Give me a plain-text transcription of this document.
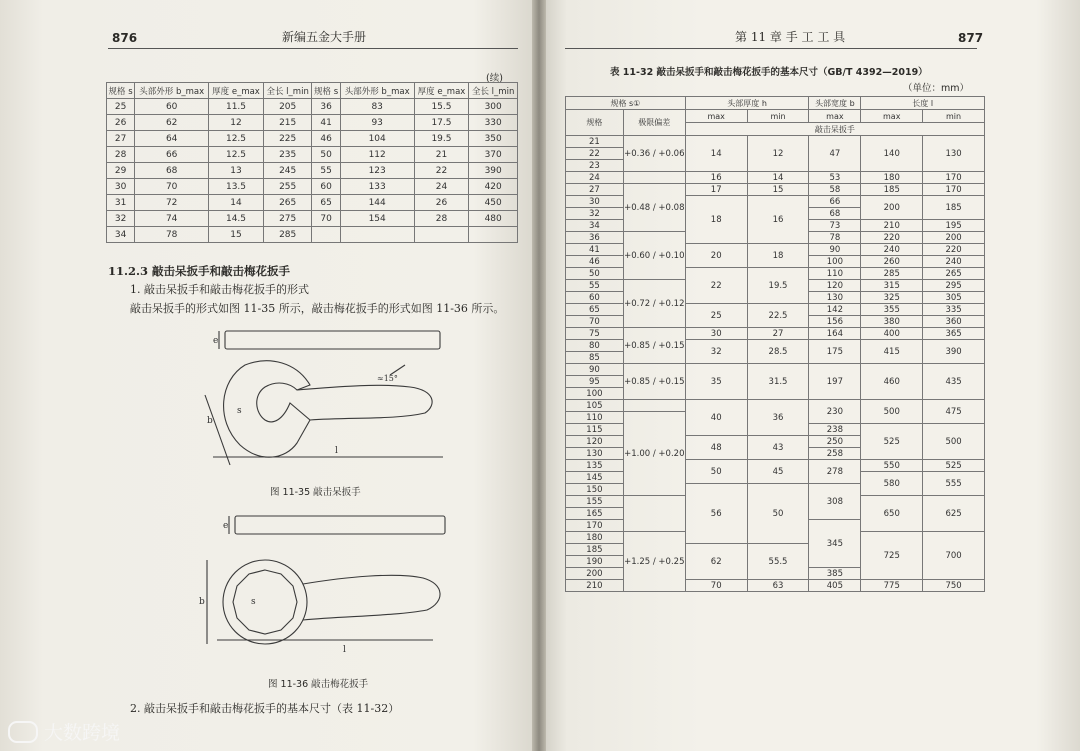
876	新编五金大手册
(续)
规格 s	头部外形 b_max	厚度 e_max	全长 l_min	规格 s	头部外形 b_max	厚度 e_max	全长 l_min
25	60	11.5	205	36	83	15.5	300
26	62	12	215	41	93	17.5	330
27	64	12.5	225	46	104	19.5	350
28	66	12.5	235	50	112	21	370
29	68	13	245	55	123	22	390
30	70	13.5	255	60	133	24	420
31	72	14	265	65	144	26	450
32	74	14.5	275	70	154	28	480
34	78	15	285				
11.2.3 敲击呆扳手和敲击梅花扳手
1. 敲击呆扳手和敲击梅花扳手的形式
敲击呆扳手的形式如图 11-35 所示，敲击梅花扳手的形式如图 11-36 所示。
s
b
l
e
≈15°
图 11-35 敲击呆扳手
b	s
l
e
图 11-36 敲击梅花扳手
2. 敲击呆扳手和敲击梅花扳手的基本尺寸（表 11-32）
第 11 章 手 工 工 具	877
表 11-32 敲击呆扳手和敲击梅花扳手的基本尺寸（GB/T 4392—2019）
（单位：mm）
规格 s①		头部厚度 h		头部宽度 b	长度 l	
规格	极限偏差	max	min	max	max	min
		敲击呆扳手				
21	+0.36 / +0.06	14	12	47	140	130
22						
23						
24		16	14	53	180	170
27	+0.48 / +0.08	17	15	58	185	170
30		18	16	66	200	185
32				68		
34				73	210	195
36	+0.60 / +0.10			78	220	200
41		20	18	90	240	220
46				100	260	240
50		22	19.5	110	285	265
55	+0.72 / +0.12			120	315	295
60				130	325	305
65		25	22.5	142	355	335
70				156	380	360
75	+0.85 / +0.15	30	27	164	400	365
80		32	28.5	175	415	390
85						
90	+0.85 / +0.15	35	31.5	197	460	435
95						
100						
105		40	36	230	500	475
110	+1.00 / +0.20					
115				238	525	500
120		48	43	250		
130				258		
135		50	45	278	550	525
145					580	555
150		56	50	308		
155					650	625
165						
170				345		
180	+1.25 / +0.25				725	700
185		62	55.5			
190						
200				385		
210		70	63	405	775	750
大数跨境
